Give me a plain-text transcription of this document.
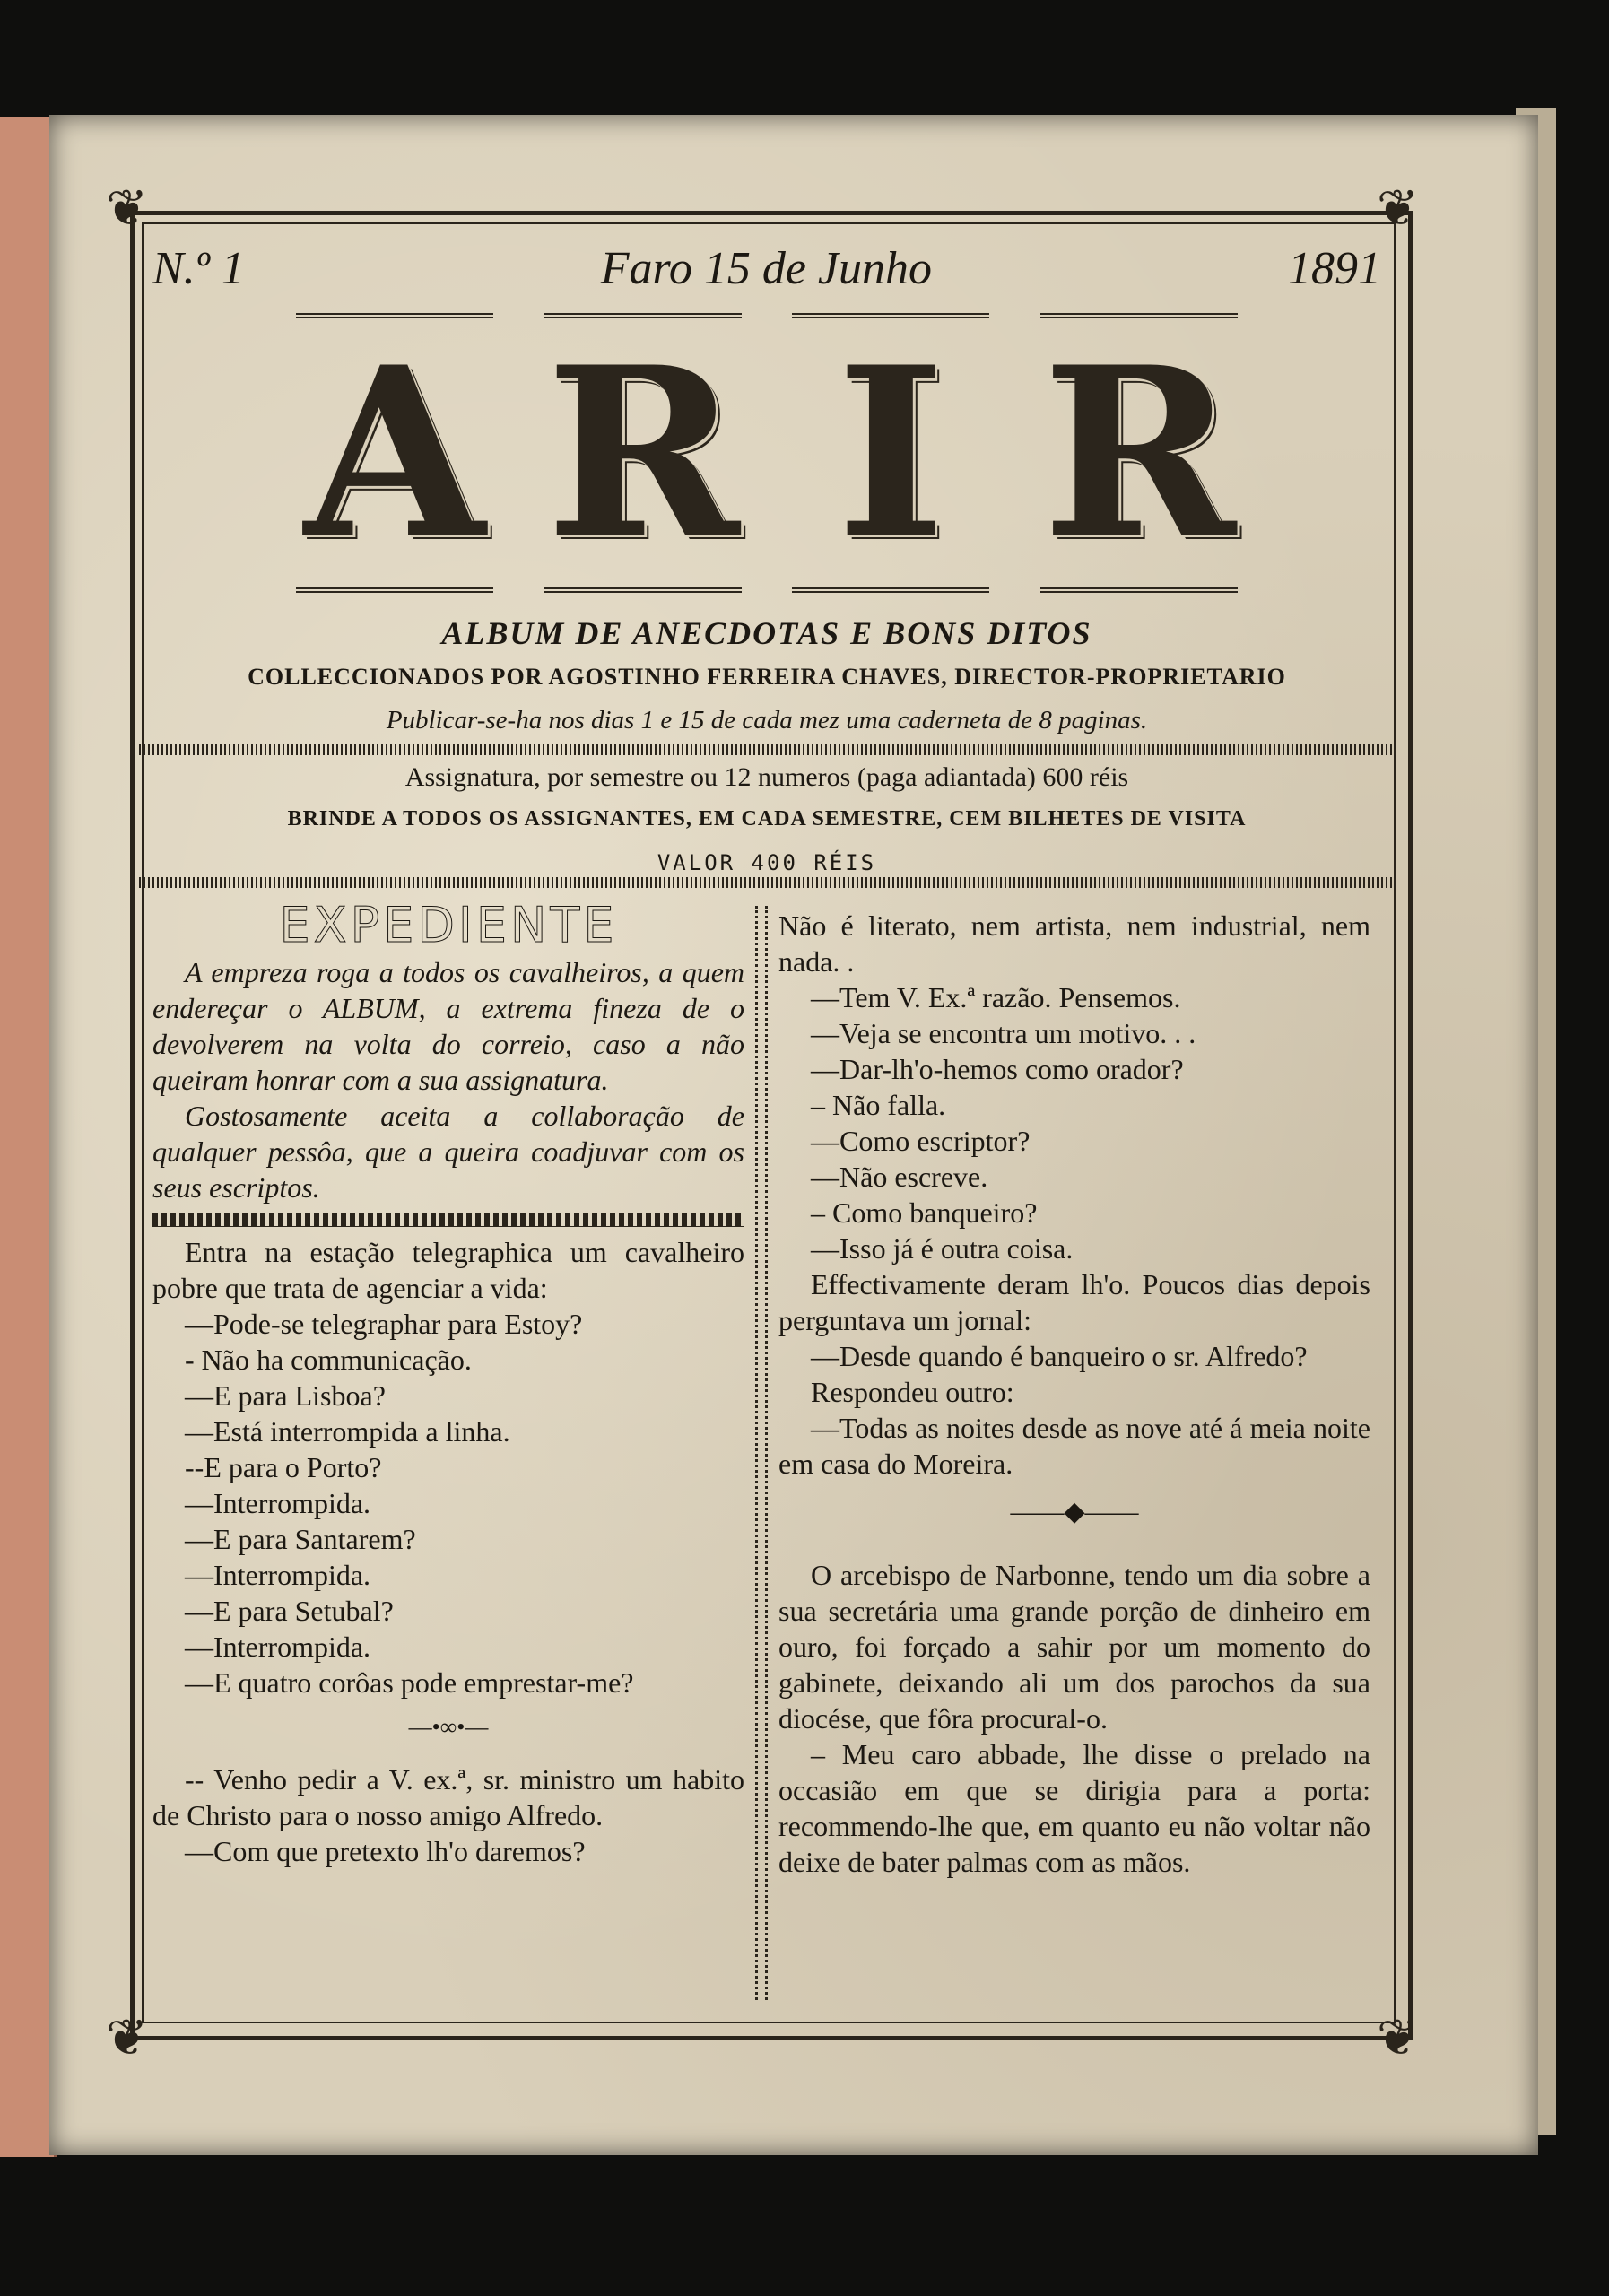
❦	❦
❦	❦
N.º 1	Faro 15 de Junho	1891
A R I R
ALBUM DE ANECDOTAS E BONS DITOS
COLLECCIONADOS POR AGOSTINHO FERREIRA CHAVES, DIRECTOR-PROPRIETARIO
Publicar-se-ha nos dias 1 e 15 de cada mez uma caderneta de 8 paginas.
Assignatura, por semestre ou 12 numeros (paga adiantada) 600 réis
BRINDE A TODOS OS ASSIGNANTES, EM CADA SEMESTRE, CEM BILHETES DE VISITA
VALOR 400 RÉIS
EXPEDIENTE

A empreza roga a todos os cavalheiros, a quem endereçar o ALBUM, a extrema fineza de o devolverem na volta do correio, caso a não queiram honrar com a sua assignatura.

Gostosamente aceita a collaboração de qualquer pessôa, que a queira coadjuvar com os seus escriptos.

Entra na estação telegraphica um cavalheiro pobre que trata de agenciar a vida:

—Pode-se telegraphar para Estoy?

- Não ha communicação.

—E para Lisboa?

—Está interrompida a linha.

--E para o Porto?

—Interrompida.

—E para Santarem?

—Interrompida.

—E para Setubal?

—Interrompida.

—E quatro corôas pode emprestar-me?

—•∞•—

-- Venho pedir a V. ex.ª, sr. ministro um habito de Christo para o nosso amigo Alfredo.

—Com que pretexto lh'o daremos?

Não é literato, nem artista, nem industrial, nem nada. .

—Tem V. Ex.ª razão. Pensemos.

—Veja se encontra um motivo. . .

—Dar-lh'o-hemos como orador?

– Não falla.

—Como escriptor?

—Não escreve.

– Como banqueiro?

—Isso já é outra coisa.

Effectivamente deram lh'o. Poucos dias depois perguntava um jornal:

—Desde quando é banqueiro o sr. Alfredo?

Respondeu outro:

—Todas as noites desde as nove até á meia noite em casa do Moreira.

——◆——

O arcebispo de Narbonne, tendo um dia sobre a sua secretária uma grande porção de dinheiro em ouro, foi forçado a sahir por um momento do gabinete, deixando ali um dos parochos da sua diocése, que fôra procural-o.

– Meu caro abbade, lhe disse o prelado na occasião em que se dirigia para a porta: recommendo-lhe que, em quanto eu não voltar não deixe de bater palmas com as mãos.
